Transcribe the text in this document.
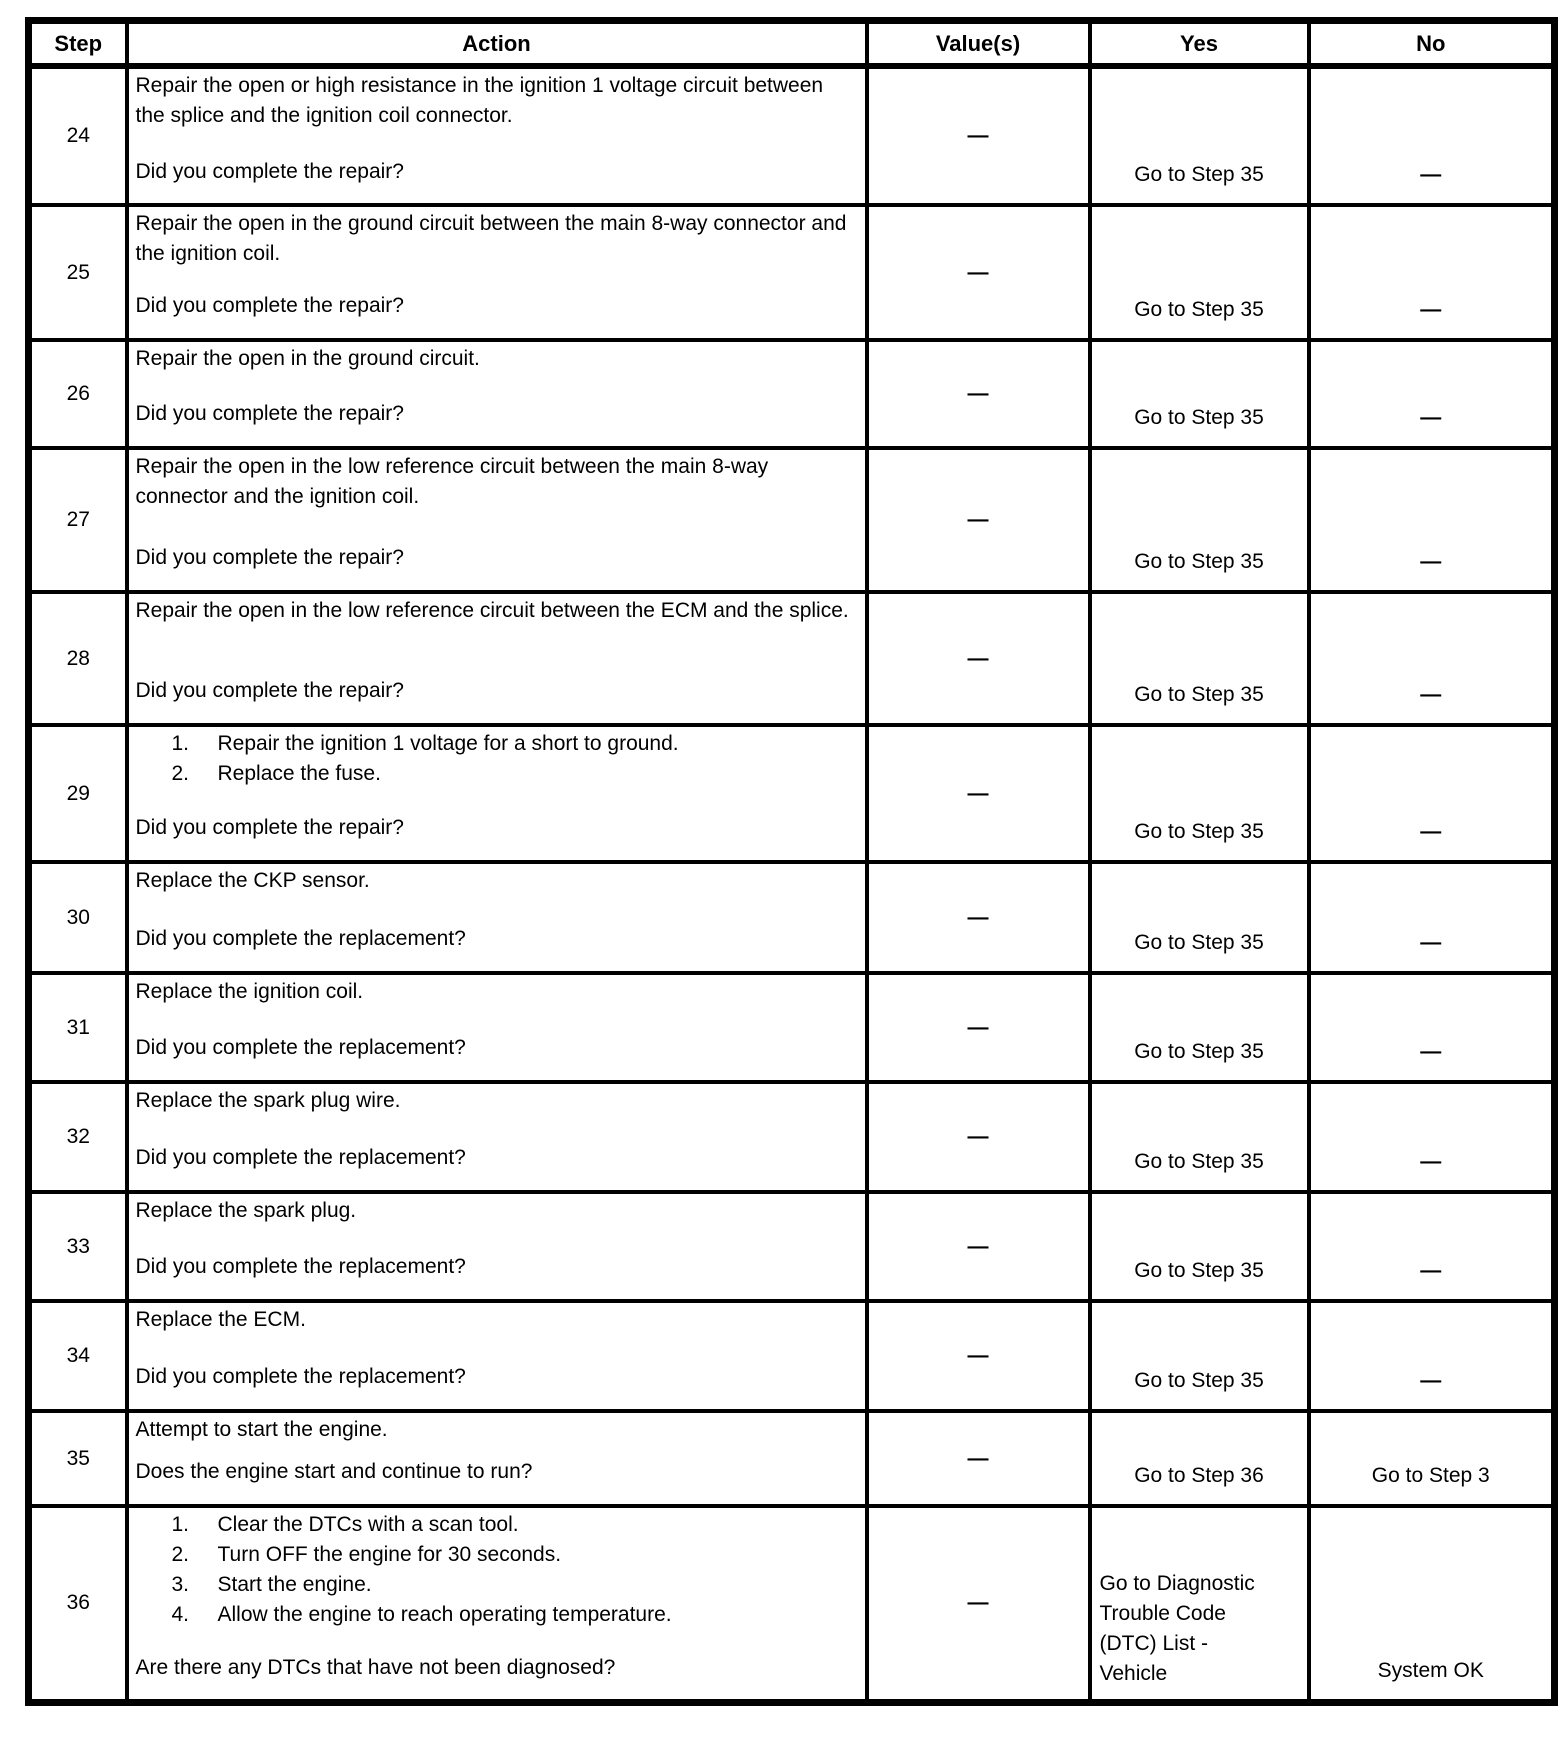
Step	Action	Value(s)	Yes	No
24	Repair the open or high resistance in the ignition 1 voltage circuit between the splice and the ignition coil connector.
Did you complete the repair?	—	Go to Step 35	—
25	Repair the open in the ground circuit between the main 8-way connector and the ignition coil.
Did you complete the repair?	—	Go to Step 35	—
26	Repair the open in the ground circuit.
Did you complete the repair?	—	Go to Step 35	—
27	Repair the open in the low reference circuit between the main 8-way connector and the ignition coil.
Did you complete the repair?	—	Go to Step 35	—
28	Repair the open in the low reference circuit between the ECM and the splice.
Did you complete the repair?	—	Go to Step 35	—
29	
1.	Repair the ignition 1 voltage for a short to ground.
2.	Replace the fuse.
Did you complete the repair?
	—	Go to Step 35	—
30	Replace the CKP sensor.
Did you complete the replacement?	—	Go to Step 35	—
31	Replace the ignition coil.
Did you complete the replacement?	—	Go to Step 35	—
32	Replace the spark plug wire.
Did you complete the replacement?	—	Go to Step 35	—
33	Replace the spark plug.
Did you complete the replacement?	—	Go to Step 35	—
34	Replace the ECM.
Did you complete the replacement?	—	Go to Step 35	—
35	Attempt to start the engine.
Does the engine start and continue to run?	—	Go to Step 36	Go to Step 3
36	
1.	Clear the DTCs with a scan tool.
2.	Turn OFF the engine for 30 seconds.
3.	Start the engine.
4.	Allow the engine to reach operating temperature.
Are there any DTCs that have not been diagnosed?
	—	Go to Diagnostic Trouble Code (DTC) List - Vehicle	System OK
